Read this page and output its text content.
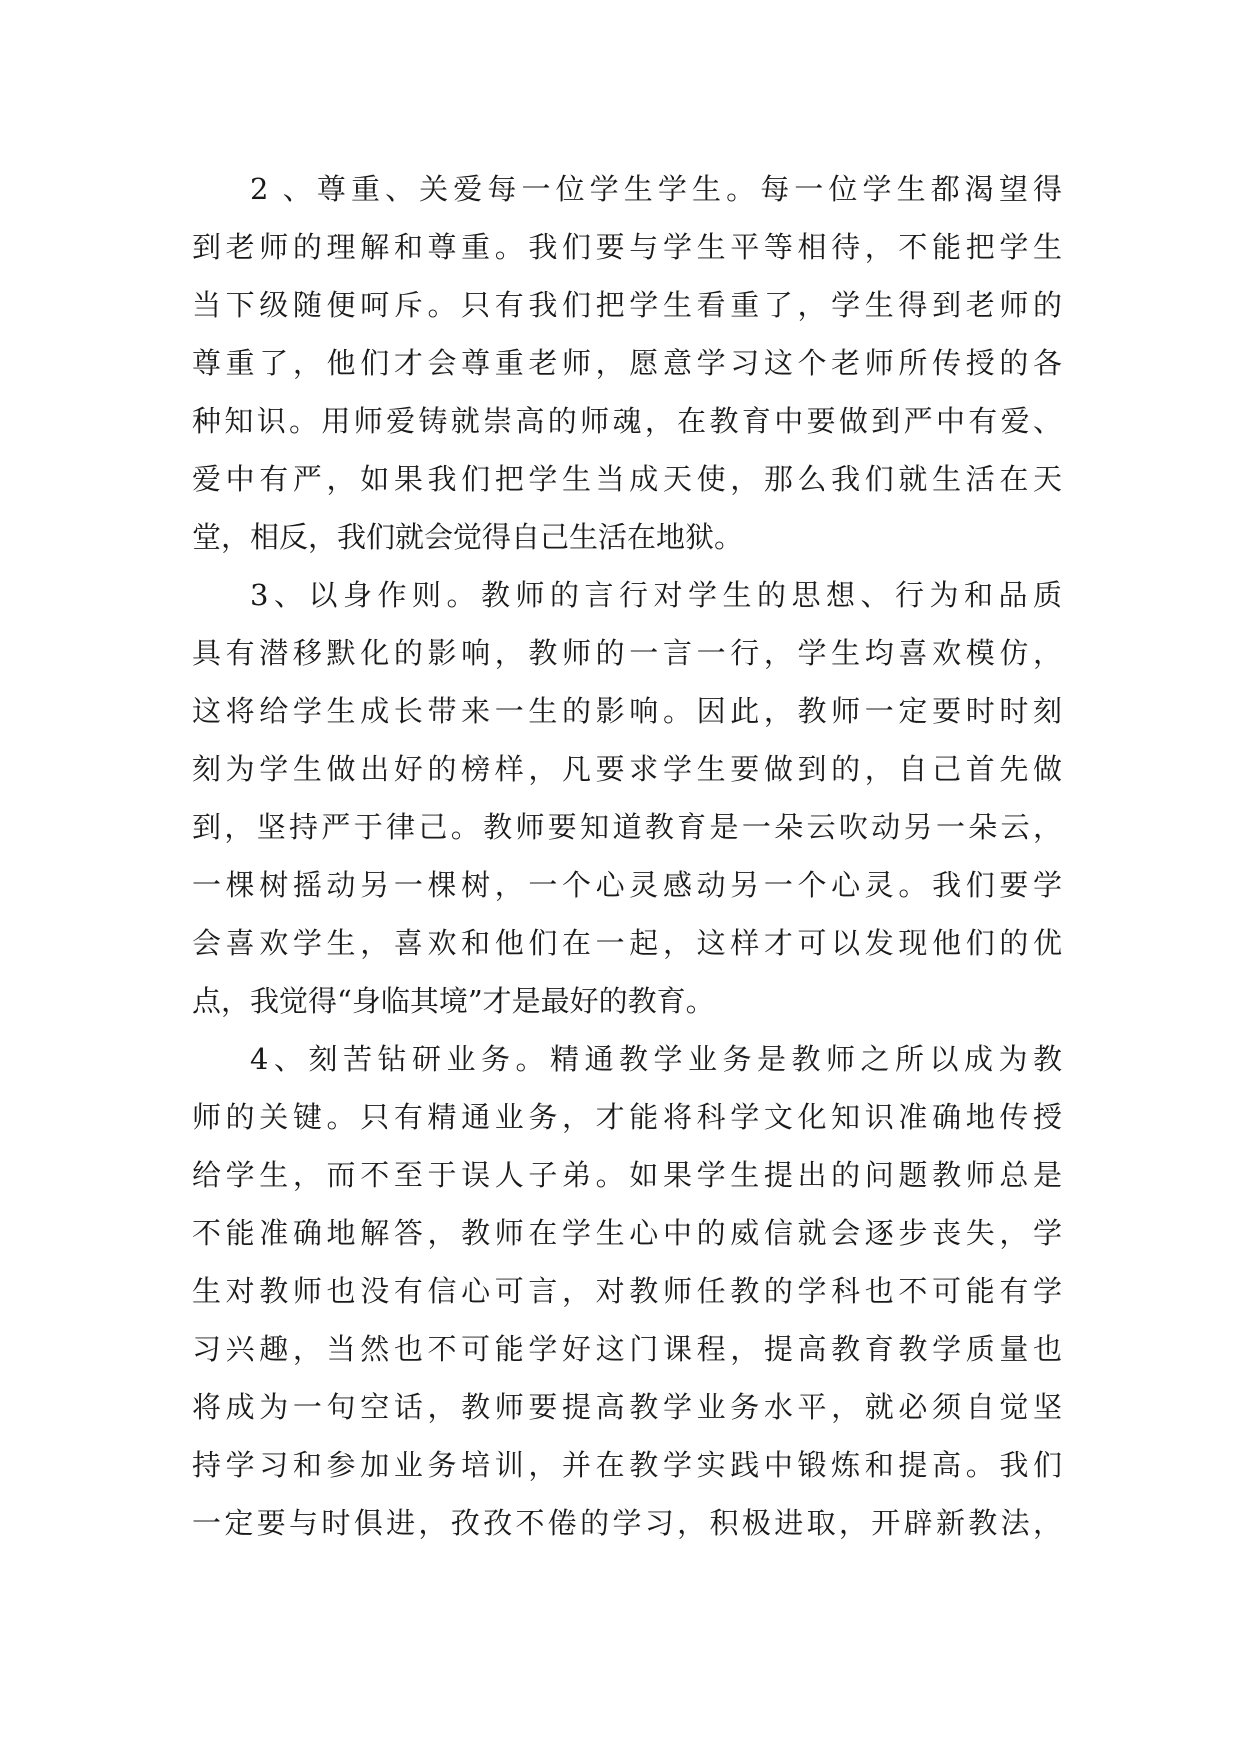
2 、尊重、关爱每一位学生学生。每一位学生都渴望得
到老师的理解和尊重。我们要与学生平等相待，不能把学生
当下级随便呵斥。只有我们把学生看重了，学生得到老师的
尊重了，他们才会尊重老师，愿意学习这个老师所传授的各
种知识。用师爱铸就崇高的师魂，在教育中要做到严中有爱、
爱中有严，如果我们把学生当成天使，那么我们就生活在天
堂，相反，我们就会觉得自己生活在地狱。
3、以身作则。教师的言行对学生的思想、行为和品质
具有潜移默化的影响，教师的一言一行，学生均喜欢模仿，
这将给学生成长带来一生的影响。因此，教师一定要时时刻
刻为学生做出好的榜样，凡要求学生要做到的，自己首先做
到，坚持严于律己。教师要知道教育是一朵云吹动另一朵云，
一棵树摇动另一棵树，一个心灵感动另一个心灵。我们要学
会喜欢学生，喜欢和他们在一起，这样才可以发现他们的优
点，我觉得“身临其境”才是最好的教育。
4、刻苦钻研业务。精通教学业务是教师之所以成为教
师的关键。只有精通业务，才能将科学文化知识准确地传授
给学生，而不至于误人子弟。如果学生提出的问题教师总是
不能准确地解答，教师在学生心中的威信就会逐步丧失，学
生对教师也没有信心可言，对教师任教的学科也不可能有学
习兴趣，当然也不可能学好这门课程，提高教育教学质量也
将成为一句空话，教师要提高教学业务水平，就必须自觉坚
持学习和参加业务培训，并在教学实践中锻炼和提高。我们
一定要与时俱进，孜孜不倦的学习，积极进取，开辟新教法，
